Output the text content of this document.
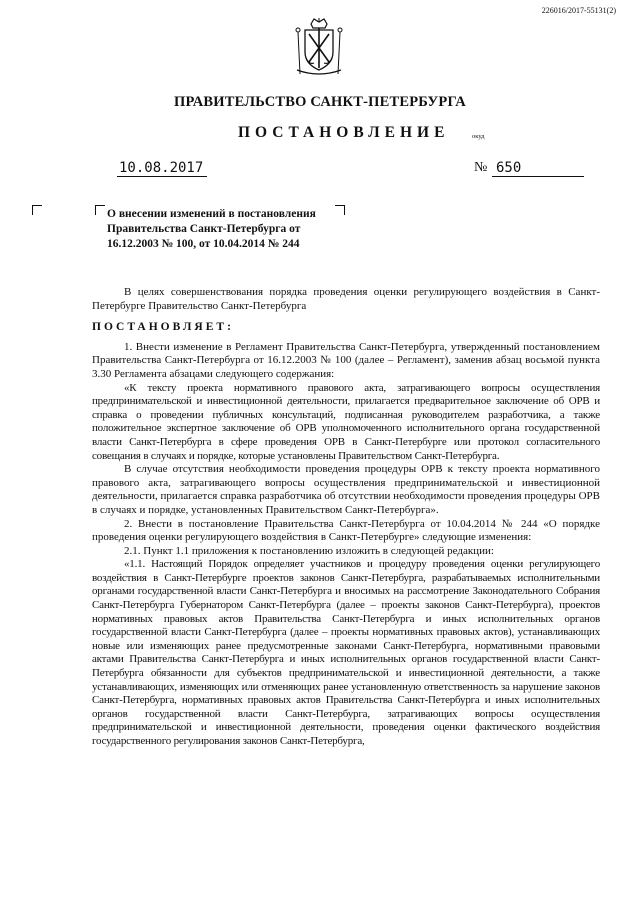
226016/2017-55131(2)
ПРАВИТЕЛЬСТВО САНКТ-ПЕТЕРБУРГА
ПОСТАНОВЛЕНИЕ	окуд
10.08.2017	№ 650
О внесении изменений в постановления Правительства Санкт-Петербурга от 16.12.2003 № 100, от 10.04.2014 № 244

В целях совершенствования порядка проведения оценки регулирующего воздействия в Санкт-Петербурге Правительство Санкт-Петербурга

ПОСТАНОВЛЯЕТ:

1. Внести изменение в Регламент Правительства Санкт-Петербурга, утвержденный постановлением Правительства Санкт-Петербурга от 16.12.2003 № 100 (далее – Регламент), заменив абзац восьмой пункта 3.30 Регламента абзацами следующего содержания:

«К тексту проекта нормативного правового акта, затрагивающего вопросы осуществления предпринимательской и инвестиционной деятельности, прилагается предварительное заключение об ОРВ и справка о проведении публичных консультаций, подписанная руководителем разработчика, а также положительное экспертное заключение об ОРВ уполномоченного исполнительного органа государственной власти Санкт-Петербурга в сфере проведения ОРВ в Санкт-Петербурге или протокол согласительного совещания в случаях и порядке, которые установлены Правительством Санкт-Петербурга.

В случае отсутствия необходимости проведения процедуры ОРВ к тексту проекта нормативного правового акта, затрагивающего вопросы осуществления предпринимательской и инвестиционной деятельности, прилагается справка разработчика об отсутствии необходимости проведения процедуры ОРВ в случаях и порядке, установленных Правительством Санкт-Петербурга».

2. Внести в постановление Правительства Санкт-Петербурга от 10.04.2014 № 244 «О порядке проведения оценки регулирующего воздействия в Санкт-Петербурге» следующие изменения:

2.1. Пункт 1.1 приложения к постановлению изложить в следующей редакции:

«1.1. Настоящий Порядок определяет участников и процедуру проведения оценки регулирующего воздействия в Санкт-Петербурге проектов законов Санкт-Петербурга, разрабатываемых исполнительными органами государственной власти Санкт-Петербурга и вносимых на рассмотрение Законодательного Собрания Санкт-Петербурга Губернатором Санкт-Петербурга (далее – проекты законов Санкт-Петербурга), проектов нормативных правовых актов Правительства Санкт-Петербурга и иных исполнительных органов государственной власти Санкт-Петербурга (далее – проекты нормативных правовых актов), устанавливающих новые или изменяющих ранее предусмотренные законами Санкт-Петербурга, нормативными правовыми актами Правительства Санкт-Петербурга и иных исполнительных органов государственной власти Санкт-Петербурга обязанности для субъектов предпринимательской и инвестиционной деятельности, а также устанавливающих, изменяющих или отменяющих ранее установленную ответственность за нарушение законов Санкт-Петербурга, нормативных правовых актов Правительства Санкт-Петербурга и иных исполнительных органов государственной власти Санкт-Петербурга, затрагивающих вопросы осуществления предпринимательской и инвестиционной деятельности, проведения оценки фактического воздействия государственного регулирования законов Санкт-Петербурга,
